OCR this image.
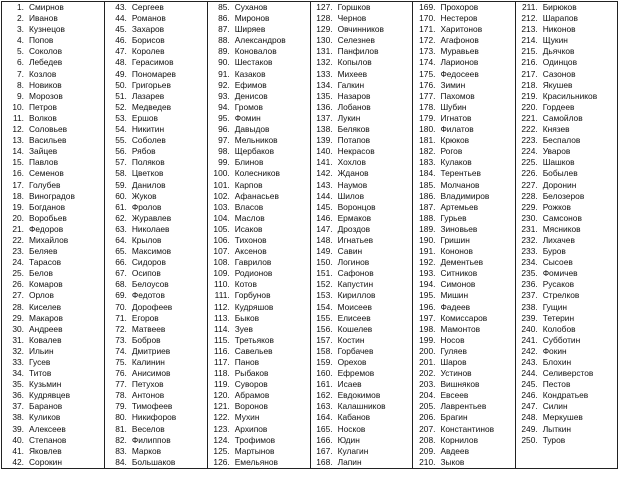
1. Смирнов	43. Сергеев	85. Суханов	127. Горшков	169. Прохоров	211. Бирюков
2. Иванов	44. Романов	86. Миронов	128. Чернов	170. Нестеров	212. Шарапов
3. Кузнецов	45. Захаров	87. Ширяев	129. Овчинников	171. Харитонов	213. Никонов
4. Попов	46. Борисов	88. Александров	130. Селезнев	172. Агафонов	214. Щукин
5. Соколов	47. Королев	89. Коновалов	131. Панфилов	173. Муравьев	215. Дьячков
6. Лебедев	48. Герасимов	90. Шестаков	132. Копылов	174. Ларионов	216. Одинцов
7. Козлов	49. Пономарев	91. Казаков	133. Михеев	175. Федосеев	217. Сазонов
8. Новиков	50. Григорьев	92. Ефимов	134. Галкин	176. Зимин	218. Якушев
9. Морозов	51. Лазарев	93. Денисов	135. Назаров	177. Пахомов	219. Красильников
10. Петров	52. Медведев	94. Громов	136. Лобанов	178. Шубин	220. Гордеев
11. Волков	53. Ершов	95. Фомин	137. Лукин	179. Игнатов	221. Самойлов
12. Соловьев	54. Никитин	96. Давыдов	138. Беляков	180. Филатов	222. Князев
13. Васильев	55. Соболев	97. Мельников	139. Потапов	181. Крюков	223. Беспалов
14. Зайцев	56. Рябов	98. Щербаков	140. Некрасов	182. Рогов	224. Уваров
15. Павлов	57. Поляков	99. Блинов	141. Хохлов	183. Кулаков	225. Шашков
16. Семенов	58. Цветков	100. Колесников	142. Жданов	184. Терентьев	226. Бобылев
17. Голубев	59. Данилов	101. Карпов	143. Наумов	185. Молчанов	227. Доронин
18. Виноградов	60. Жуков	102. Афанасьев	144. Шилов	186. Владимиров	228. Белозеров
19. Богданов	61. Фролов	103. Власов	145. Воронцов	187. Артемьев	229. Рожков
20. Воробьев	62. Журавлев	104. Маслов	146. Ермаков	188. Гурьев	230. Самсонов
21. Федоров	63. Николаев	105. Исаков	147. Дроздов	189. Зиновьев	231. Мясников
22. Михайлов	64. Крылов	106. Тихонов	148. Игнатьев	190. Гришин	232. Лихачев
23. Беляев	65. Максимов	107. Аксенов	149. Савин	191. Кононов	233. Буров
24. Тарасов	66. Сидоров	108. Гаврилов	150. Логинов	192. Дементьев	234. Сысоев
25. Белов	67. Осипов	109. Родионов	151. Сафонов	193. Ситников	235. Фомичев
26. Комаров	68. Белоусов	110. Котов	152. Капустин	194. Симонов	236. Русаков
27. Орлов	69. Федотов	111. Горбунов	153. Кириллов	195. Мишин	237. Стрелков
28. Киселев	70. Дорофеев	112. Кудряшов	154. Моисеев	196. Фадеев	238. Гущин
29. Макаров	71. Егоров	113. Быков	155. Елисеев	197. Комиссаров	239. Тетерин
30. Андреев	72. Матвеев	114. Зуев	156. Кошелев	198. Мамонтов	240. Колобов
31. Ковалев	73. Бобров	115. Третьяков	157. Костин	199. Носов	241. Субботин
32. Ильин	74. Дмитриев	116. Савельев	158. Горбачев	200. Гуляев	242. Фокин
33. Гусев	75. Калинин	117. Панов	159. Орехов	201. Шаров	243. Блохин
34. Титов	76. Анисимов	118. Рыбаков	160. Ефремов	202. Устинов	244. Селиверстов
35. Кузьмин	77. Петухов	119. Суворов	161. Исаев	203. Вишняков	245. Пестов
36. Кудрявцев	78. Антонов	120. Абрамов	162. Евдокимов	204. Евсеев	246. Кондратьев
37. Баранов	79. Тимофеев	121. Воронов	163. Калашников	205. Лаврентьев	247. Силин
38. Куликов	80. Никифоров	122. Мухин	164. Кабанов	206. Брагин	248. Меркушев
39. Алексеев	81. Веселов	123. Архипов	165. Носков	207. Константинов	249. Лыткин
40. Степанов	82. Филиппов	124. Трофимов	166. Юдин	208. Корнилов	250. Туров
41. Яковлев	83. Марков	125. Мартынов	167. Кулагин	209. Авдеев	
42. Сорокин	84. Большаков	126. Емельянов	168. Лапин	210. Зыков	
